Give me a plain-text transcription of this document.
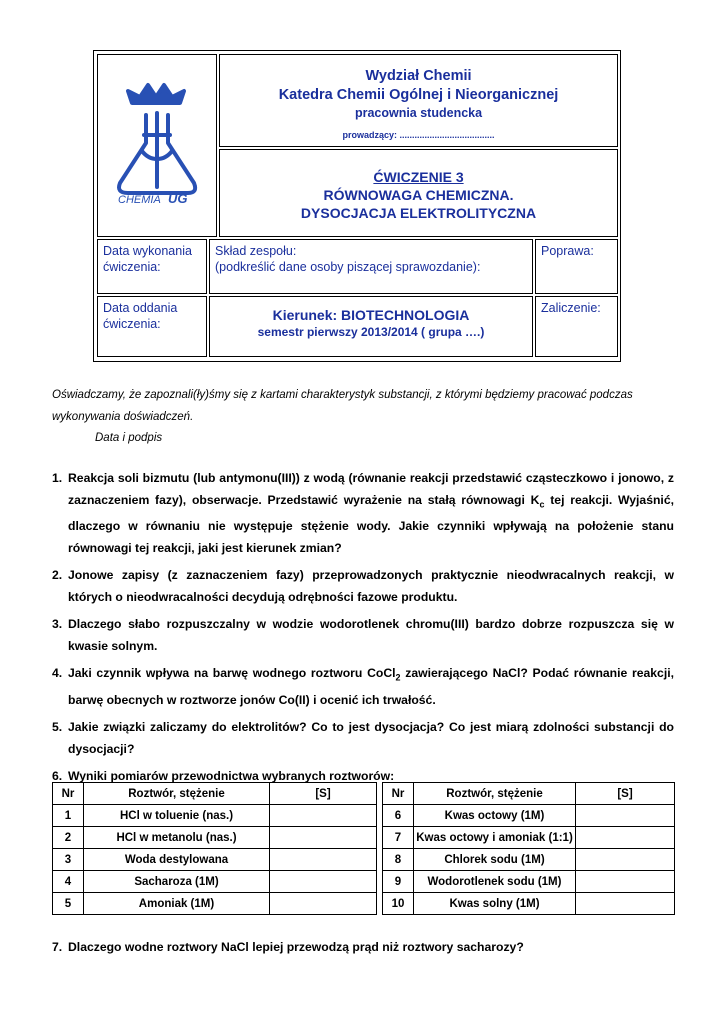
CHEMIA UG
Wydział Chemii
Katedra Chemii Ogólnej i Nieorganicznej
pracownia studencka
prowadzący: ......................................
ĆWICZENIE 3
RÓWNOWAGA CHEMICZNA.
DYSOCJACJA ELEKTROLITYCZNA
Data wykonania
ćwiczenia:
Skład zespołu:
(podkreślić dane osoby piszącej sprawozdanie):
Poprawa:
Data oddania
ćwiczenia:
Kierunek: BIOTECHNOLOGIA
semestr pierwszy 2013/2014 ( grupa ….)
Zaliczenie:
Oświadczamy, że zapoznali(ły)śmy się z kartami charakterystyk substancji, z którymi będziemy pracować podczas
wykonywania doświadczeń.
Data i podpis
1. Reakcja soli bizmutu (lub antymonu(III)) z wodą (równanie reakcji przedstawić cząsteczkowo i jonowo, z zaznaczeniem fazy), obserwacje. Przedstawić wyrażenie na stałą równowagi $K_c$ tej reakcji. Wyjaśnić, dlaczego w równaniu nie występuje stężenie wody. Jakie czynniki wpływają na położenie stanu równowagi tej reakcji, jaki jest kierunek zmian?
2. Jonowe zapisy (z zaznaczeniem fazy) przeprowadzonych praktycznie nieodwracalnych reakcji, w których o nieodwracalności decydują odrębności fazowe produktu.
3. Dlaczego słabo rozpuszczalny w wodzie wodorotlenek chromu(III) bardzo dobrze rozpuszcza się w kwasie solnym.
4. Jaki czynnik wpływa na barwę wodnego roztworu CoCl$_2$ zawierającego NaCl? Podać równanie reakcji, barwę obecnych w roztworze jonów Co(II) i ocenić ich trwałość.
5. Jakie związki zaliczamy do elektrolitów? Co to jest dysocjacja? Co jest miarą zdolności substancji do dysocjacji?
6. Wyniki pomiarów przewodnictwa wybranych roztworów:
Nr	Roztwór, stężenie	[S]		Nr	Roztwór, stężenie	[S]
1	HCl w toluenie (nas.)			6	Kwas octowy (1M)	
2	HCl w metanolu (nas.)			7	Kwas octowy i amoniak (1:1)	
3	Woda destylowana			8	Chlorek sodu (1M)	
4	Sacharoza (1M)			9	Wodorotlenek sodu (1M)	
5	Amoniak (1M)			10	Kwas solny (1M)	
7. Dlaczego wodne roztwory NaCl lepiej przewodzą prąd niż roztwory sacharozy?
